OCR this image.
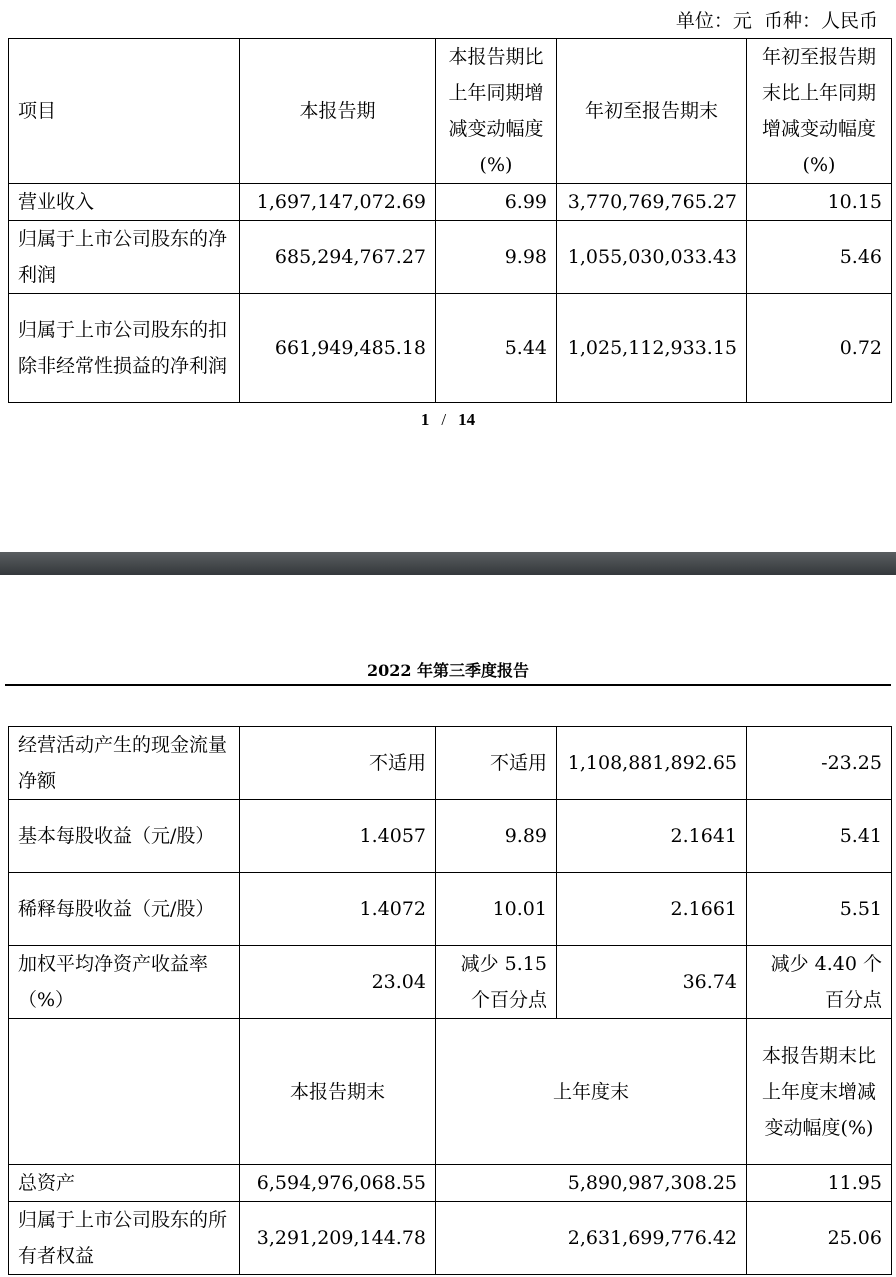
单位：元 币种：人民币
项目	本报告期	本报告期比上年同期增减变动幅度(%)	年初至报告期末	年初至报告期末比上年同期增减变动幅度(%)
营业收入	1,697,147,072.69	6.99	3,770,769,765.27	10.15
归属于上市公司股东的净利润	685,294,767.27	9.98	1,055,030,033.43	5.46
归属于上市公司股东的扣除非经常性损益的净利润	661,949,485.18	5.44	1,025,112,933.15	0.72
1 / 14
2022 年第三季度报告
经营活动产生的现金流量净额	不适用	不适用	1,108,881,892.65	-23.25
基本每股收益（元/股）	1.4057	9.89	2.1641	5.41
稀释每股收益（元/股）	1.4072	10.01	2.1661	5.51
加权平均净资产收益率（%）	23.04	减少 5.15 个百分点	36.74	减少 4.40 个百分点
	本报告期末	上年度末		本报告期末比上年度末增减变动幅度(%)
总资产	6,594,976,068.55	5,890,987,308.25		11.95
归属于上市公司股东的所有者权益	3,291,209,144.78	2,631,699,776.42		25.06
